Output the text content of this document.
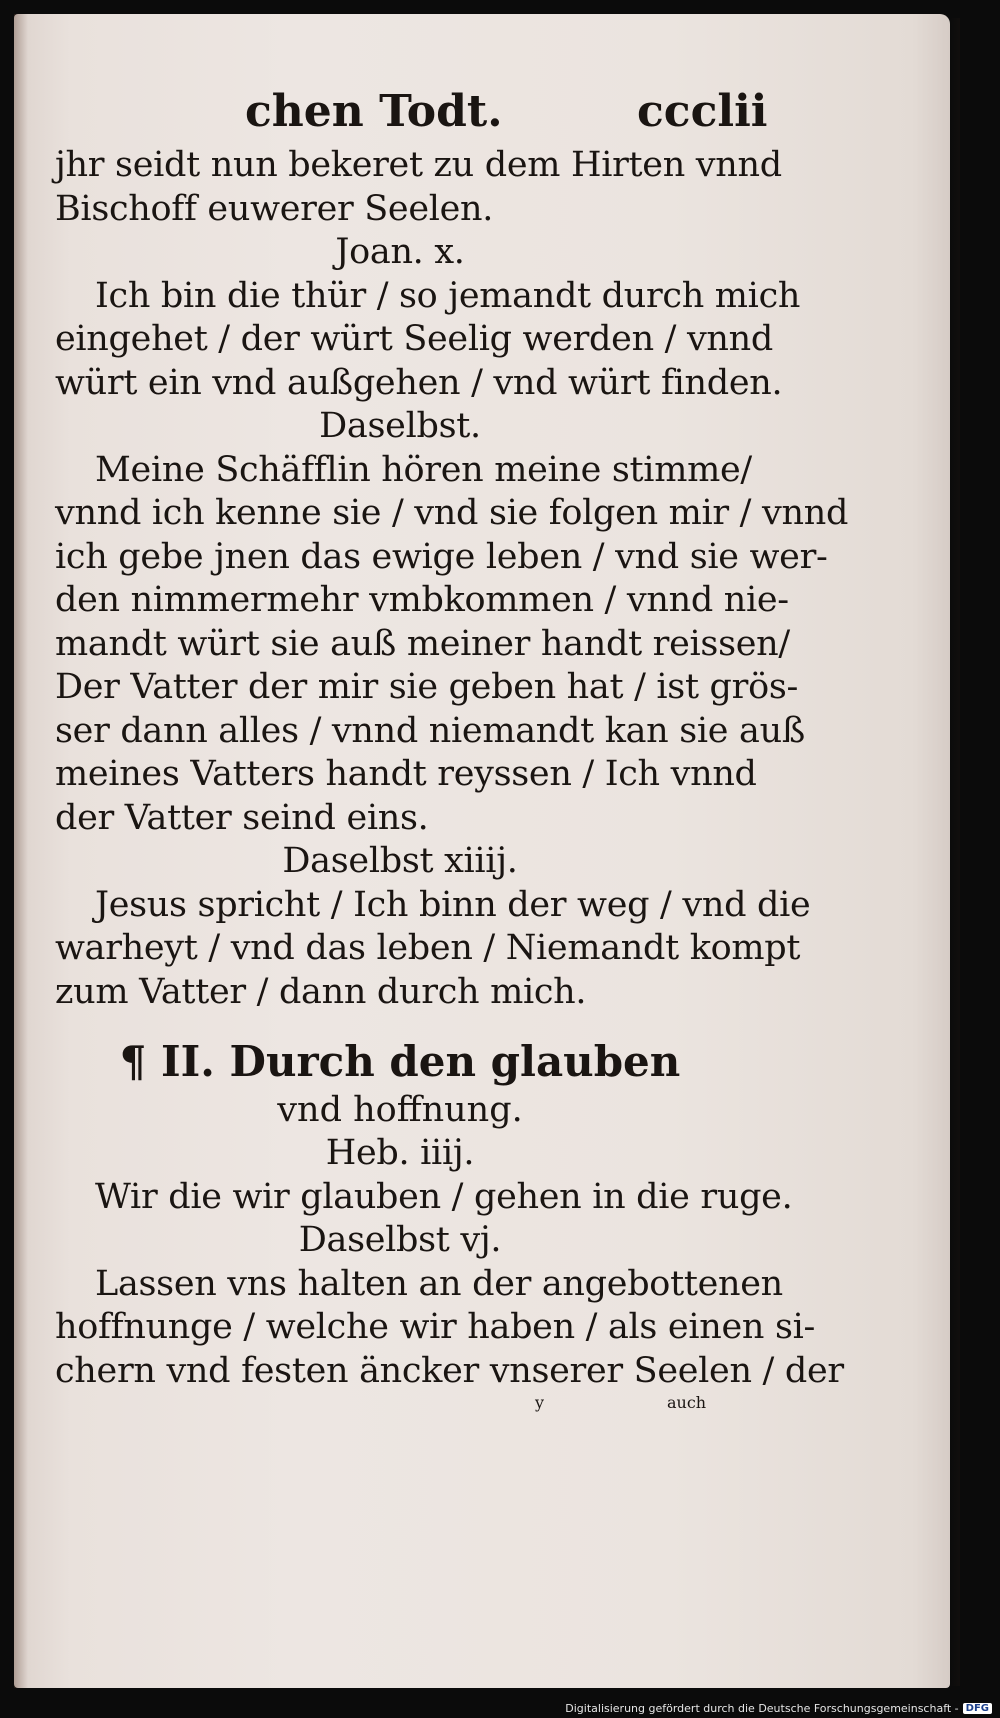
chen Todt.	ccclii
jhr seidt nun bekeret zu dem Hirten vnnd
Bischoff euwerer Seelen.
Joan. x.
Ich bin die thür / so jemandt durch mich
eingehet / der würt Seelig werden / vnnd
würt ein vnd außgehen / vnd würt finden.
Daselbst.
Meine Schäfflin hören meine stimme/
vnnd ich kenne sie / vnd sie folgen mir / vnnd
ich gebe jnen das ewige leben / vnd sie wer-
den nimmermehr vmbkommen / vnnd nie-
mandt würt sie auß meiner handt reissen/
Der Vatter der mir sie geben hat / ist grös-
ser dann alles / vnnd niemandt kan sie auß
meines Vatters handt reyssen / Ich vnnd
der Vatter seind eins.
Daselbst xiiij.
Jesus spricht / Ich binn der weg / vnd die
warheyt / vnd das leben / Niemandt kompt
zum Vatter / dann durch mich.
¶ II. Durch den glauben
vnd hoffnung.
Heb. iiij.
Wir die wir glauben / gehen in die ruge.
Daselbst vj.
Lassen vns halten an der angebottenen
hoffnunge / welche wir haben / als einen si-
chern vnd festen äncker vnserer Seelen / der
y	auch
Digitalisierung gefördert durch die Deutsche Forschungsgemeinschaft - DFG
